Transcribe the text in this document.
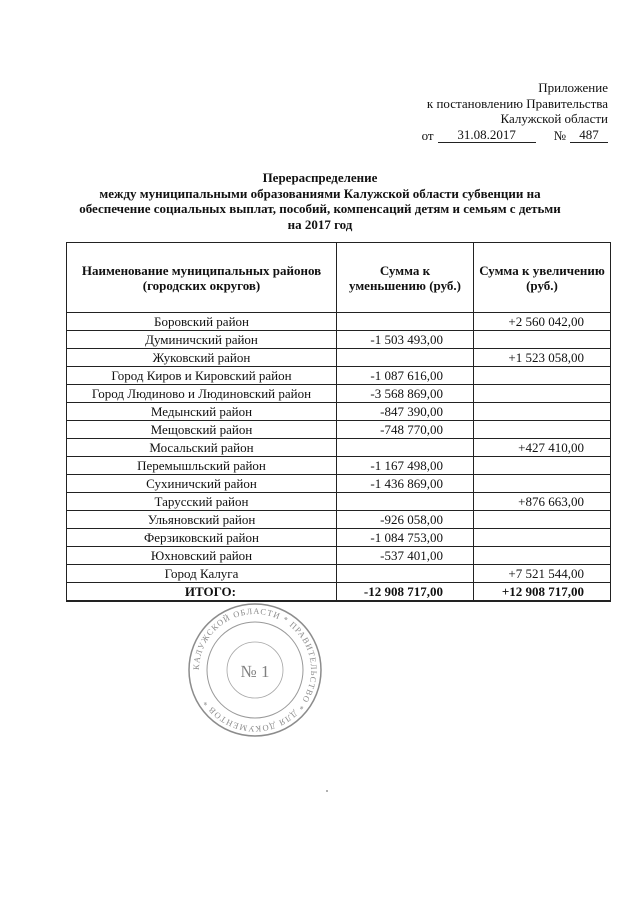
Приложение
к постановлению Правительства
Калужской области
от	31.08.2017	№	487
Перераспределение
между муниципальными образованиями Калужской области субвенции на
обеспечение социальных выплат, пособий, компенсаций детям и семьям с детьми
на 2017 год
Наименование муниципальных районов (городских округов)	Сумма к уменьшению (руб.)	Сумма к увеличению (руб.)
Боровский район		+2 560 042,00
Думиничский район	-1 503 493,00	
Жуковский район		+1 523 058,00
Город Киров и Кировский район	-1 087 616,00	
Город Людиново и Людиновский район	-3 568 869,00	
Медынский район	-847 390,00	
Мещовский район	-748 770,00	
Мосальский район		+427 410,00
Перемышльский район	-1 167 498,00	
Сухиничский район	-1 436 869,00	
Тарусский район		+876 663,00
Ульяновский район	-926 058,00	
Ферзиковский район	-1 084 753,00	
Юхновский район	-537 401,00	
Город Калуга		+7 521 544,00
ИТОГО:	-12 908 717,00	+12 908 717,00
КАЛУЖСКОЙ ОБЛАСТИ * ПРАВИТЕЛЬСТВО * ДЛЯ ДОКУМЕНТОВ *
№ 1
